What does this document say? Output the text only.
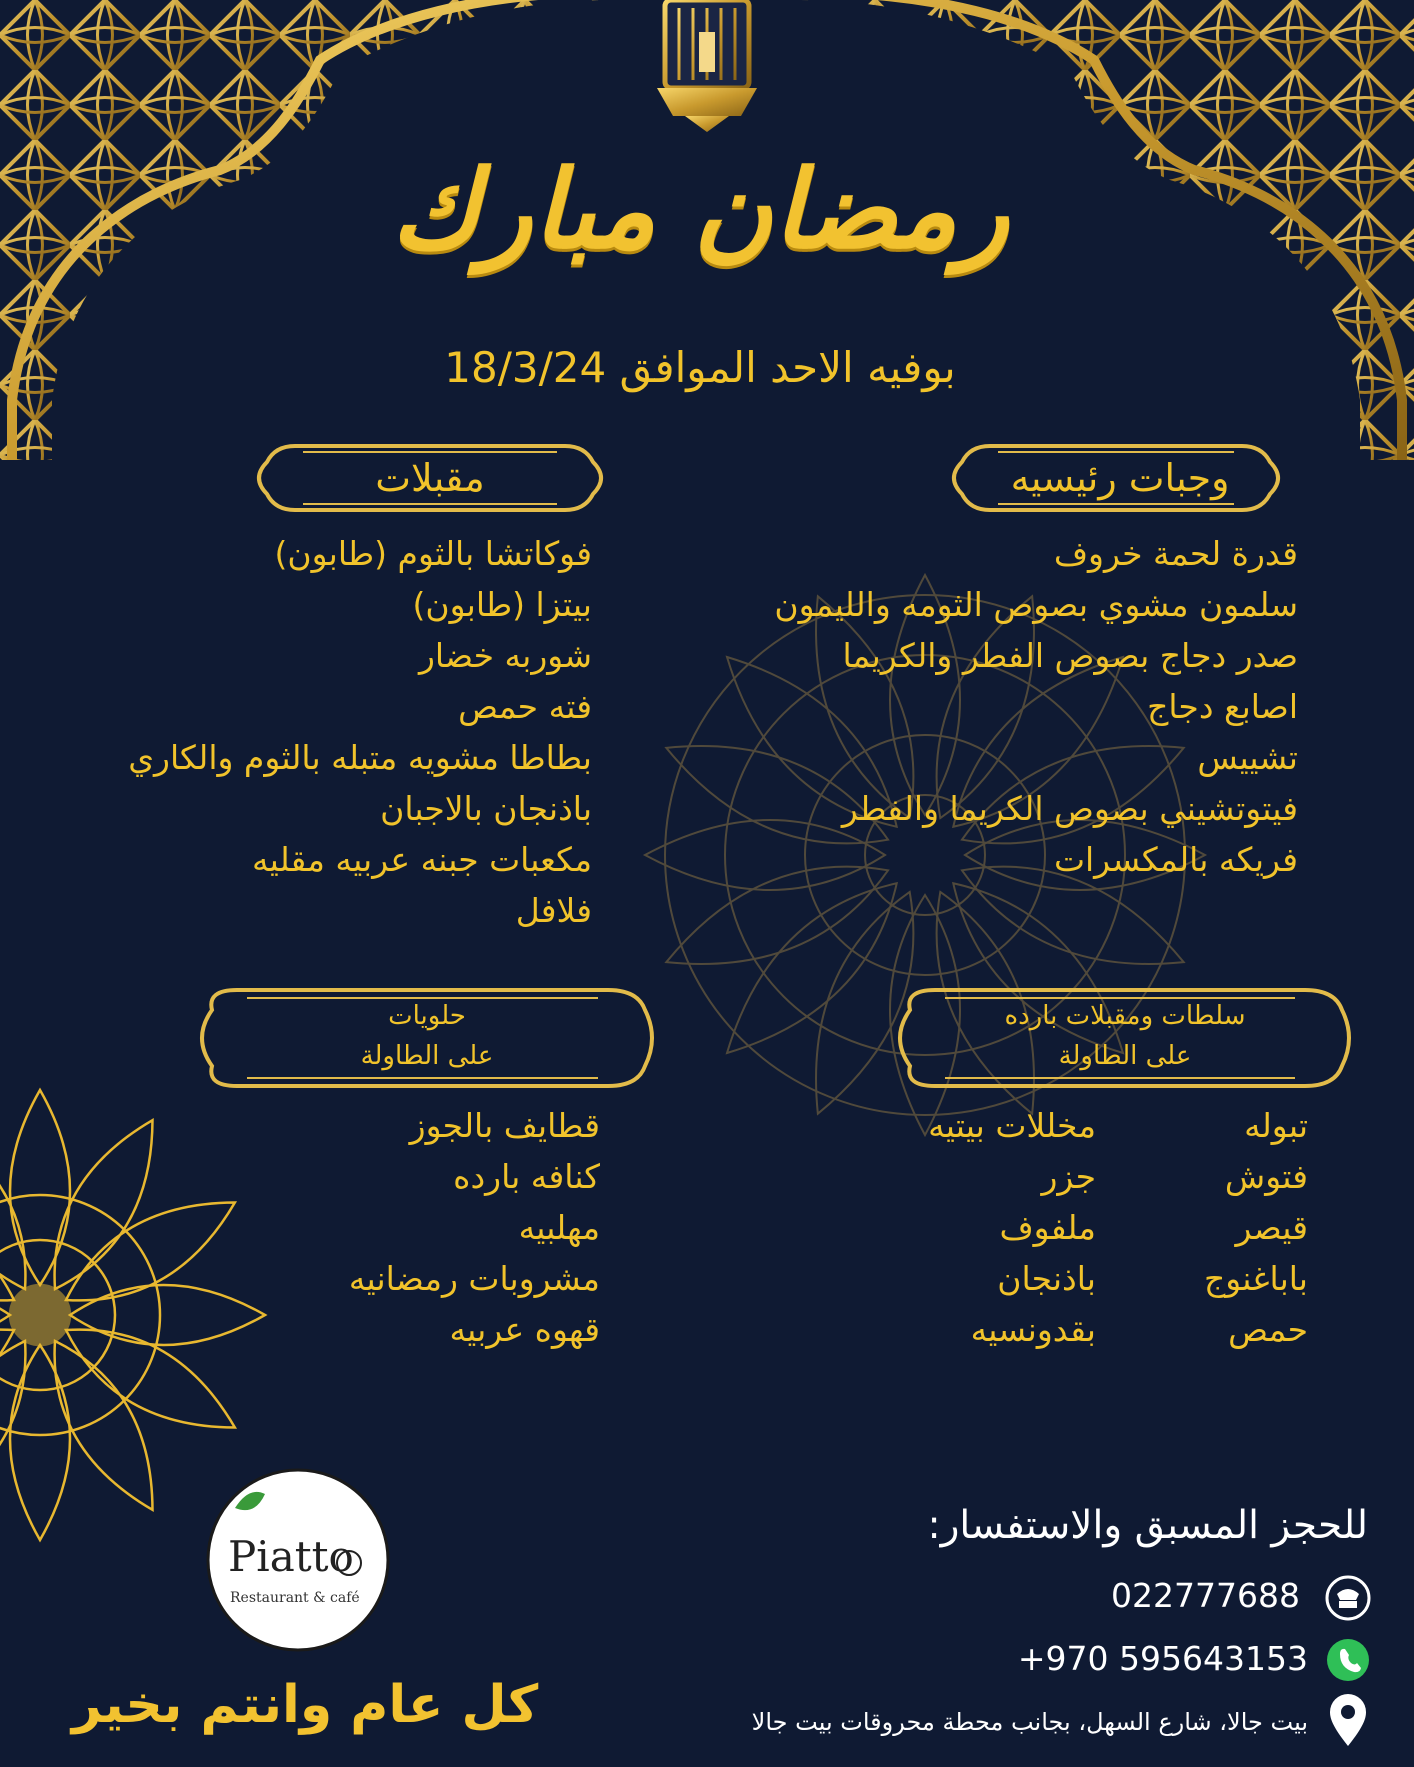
رمضان مبارك
بوفيه الاحد الموافق 18/3/24
وجبات رئيسيه
قدرة لحمة خروف
سلمون مشوي بصوص الثومه والليمون
صدر دجاج بصوص الفطر والكريما
اصابع دجاج
تشييس
فيتوتشيني بصوص الكريما والفطر
فريكه بالمكسرات
مقبلات
فوكاتشا بالثوم (طابون)
بيتزا (طابون)
شوربه خضار
فته حمص
بطاطا مشويه متبله بالثوم والكاري
باذنجان بالاجبان
مكعبات جبنه عربيه مقليه
فلافل
سلطات ومقبلات بارده
على الطاولة
تبوله
فتوش
قيصر
باباغنوج
حمص
مخللات بيتيه
جزر
ملفوف
باذنجان
بقدونسيه
حلويات
على الطاولة
قطايف بالجوز
كنافه بارده
مهلبيه
مشروبات رمضانيه
قهوه عربيه
للحجز المسبق والاستفسار:
022777688
+970 595643153
بيت جالا، شارع السهل، بجانب محطة محروقات بيت جالا
Piatto
Restaurant & café
كل عام وانتم بخير
